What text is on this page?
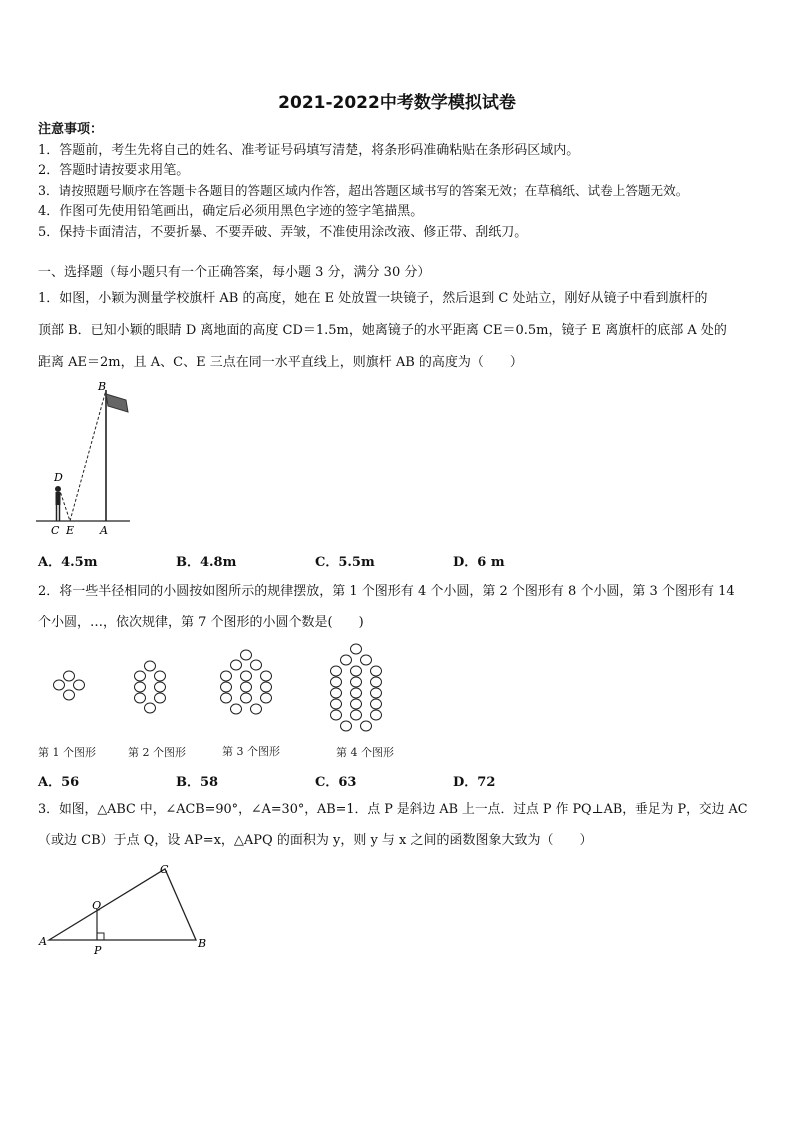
2021-2022中考数学模拟试卷
注意事项：
1．答题前，考生先将自己的姓名、准考证号码填写清楚，将条形码准确粘贴在条形码区域内。
2．答题时请按要求用笔。
3．请按照题号顺序在答题卡各题目的答题区域内作答，超出答题区域书写的答案无效；在草稿纸、试卷上答题无效。
4．作图可先使用铅笔画出，确定后必须用黑色字迹的签字笔描黑。
5．保持卡面清洁，不要折暴、不要弄破、弄皱，不准使用涂改液、修正带、刮纸刀。
一、选择题（每小题只有一个正确答案，每小题 3 分，满分 30 分）
1．如图，小颖为测量学校旗杆 AB 的高度，她在 E 处放置一块镜子，然后退到 C 处站立，刚好从镜子中看到旗杆的
顶部 B．已知小颖的眼睛 D 离地面的高度 CD＝1.5m，她离镜子的水平距离 CE＝0.5m，镜子 E 离旗杆的底部 A 处的
距离 AE＝2m，且 A、C、E 三点在同一水平直线上，则旗杆 AB 的高度为（　　）
B
D
C E A
A．4.5m	B．4.8m	C．5.5m	D．6 m
2．将一些半径相同的小圆按如图所示的规律摆放，第 1 个图形有 4 个小圆，第 2 个图形有 8 个小圆，第 3 个图形有 14
个小圆，…，依次规律，第 7 个图形的小圆个数是(　　)
第 1 个图形	第 2 个图形	第 3 个图形	第 4 个图形
A．56	B．58	C．63	D．72
3．如图，△ABC 中，∠ACB=90°，∠A=30°，AB=1．点 P 是斜边 AB 上一点．过点 P 作 PQ⊥AB，垂足为 P，交边 AC
（或边 CB）于点 Q，设 AP=x，△APQ 的面积为 y，则 y 与 x 之间的函数图象大致为（　　）
C
Q
A
P
B
